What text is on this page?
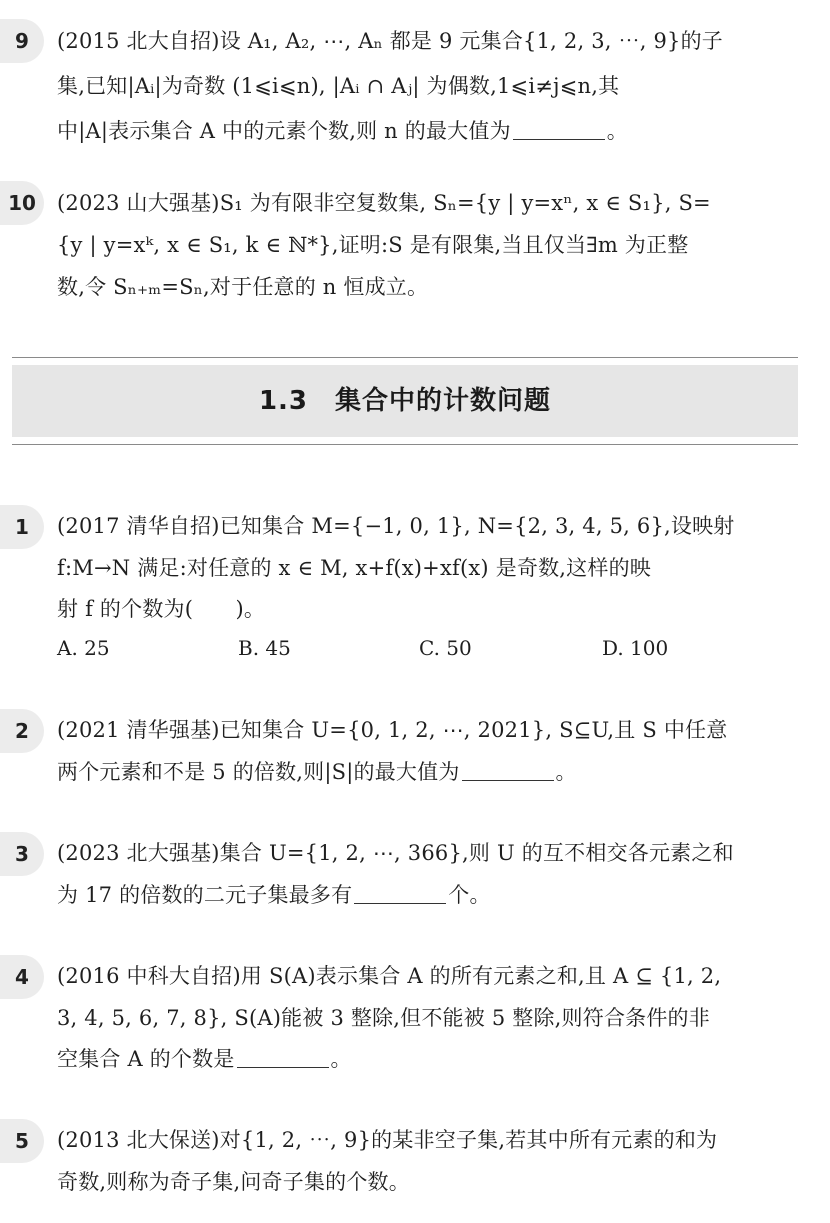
9	(2015 北大自招)设 A₁, A₂, ⋯, Aₙ 都是 9 元集合{1, 2, 3, ⋯, 9}的子
集,已知|Aᵢ|为奇数 (1⩽i⩽n), |Aᵢ ∩ Aⱼ| 为偶数,1⩽i≠j⩽n,其
中|A|表示集合 A 中的元素个数,则 n 的最大值为	。
10	(2023 山大强基)S₁ 为有限非空复数集, Sₙ={y | y=xⁿ, x ∈ S₁}, S=
{y | y=xᵏ, x ∈ S₁, k ∈ ℕ*},证明:S 是有限集,当且仅当∃m 为正整
数,令 Sₙ₊ₘ=Sₙ,对于任意的 n 恒成立。
1.3　集合中的计数问题
1	(2017 清华自招)已知集合 M={−1, 0, 1}, N={2, 3, 4, 5, 6},设映射
f:M→N 满足:对任意的 x ∈ M, x+f(x)+xf(x) 是奇数,这样的映
射 f 的个数为(　　)。
A. 25	B. 45	C. 50	D. 100
2	(2021 清华强基)已知集合 U={0, 1, 2, ⋯, 2021}, S⊆U,且 S 中任意
两个元素和不是 5 的倍数,则|S|的最大值为	。
3	(2023 北大强基)集合 U={1, 2, ⋯, 366},则 U 的互不相交各元素之和
为 17 的倍数的二元子集最多有	个。
4	(2016 中科大自招)用 S(A)表示集合 A 的所有元素之和,且 A ⊆ {1, 2,
3, 4, 5, 6, 7, 8}, S(A)能被 3 整除,但不能被 5 整除,则符合条件的非
空集合 A 的个数是	。
5	(2013 北大保送)对{1, 2, ⋯, 9}的某非空子集,若其中所有元素的和为
奇数,则称为奇子集,问奇子集的个数。
